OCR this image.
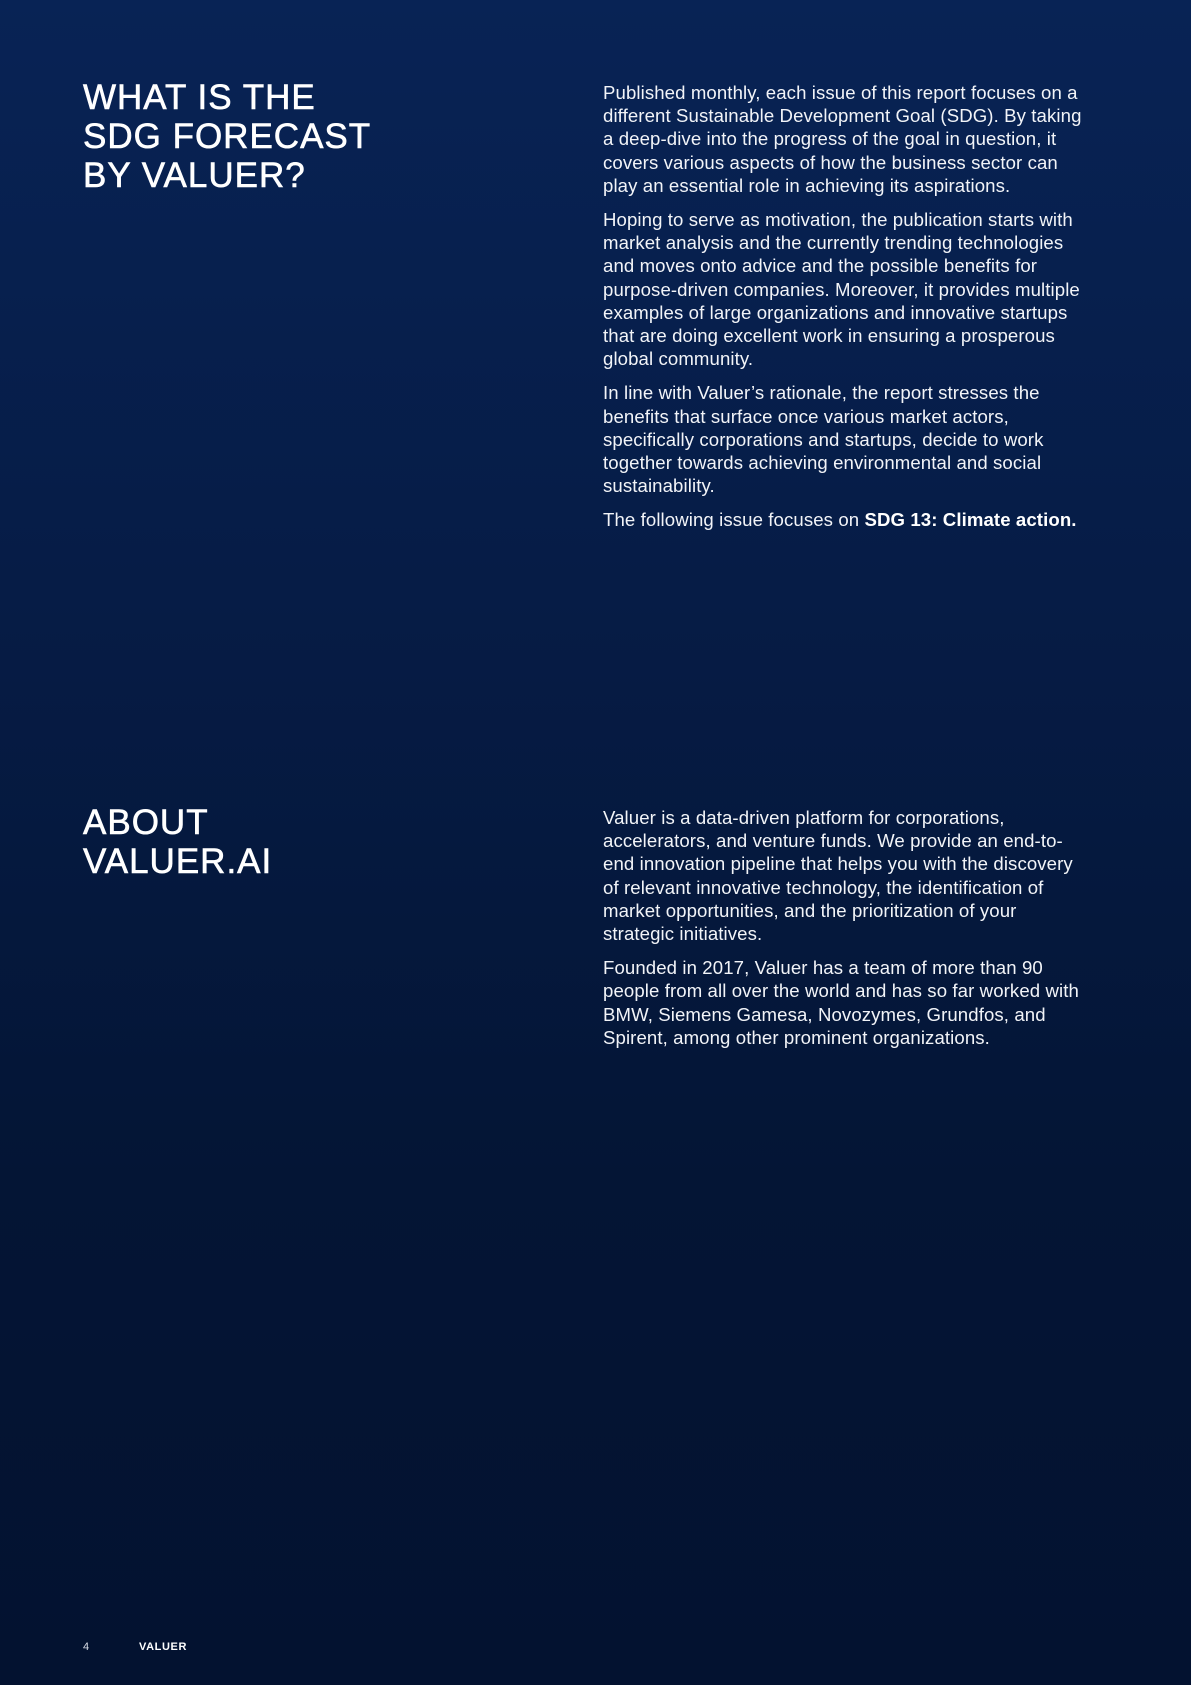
WHAT IS THE
SDG FORECAST
BY VALUER?

Published monthly, each issue of this report focuses on a different Sustainable Development Goal (SDG). By taking a deep-dive into the progress of the goal in question, it covers various aspects of how the business sector can play an essential role in achieving its aspirations.

Hoping to serve as motivation, the publication starts with market analysis and the currently trending technologies and moves onto advice and the possible benefits for purpose-driven companies. Moreover, it provides multiple examples of large organizations and innovative startups that are doing excellent work in ensuring a prosperous global community.

In line with Valuer’s rationale, the report stresses the benefits that surface once various market actors, specifically corporations and startups, decide to work together towards achieving environmental and social sustainability.

The following issue focuses on SDG 13: Climate action.

ABOUT
VALUER.AI

Valuer is a data-driven platform for corporations, accelerators, and venture funds. We provide an end-to-end innovation pipeline that helps you with the discovery of relevant innovative technology, the identification of market opportunities, and the prioritization of your strategic initiatives.

Founded in 2017, Valuer has a team of more than 90 people from all over the world and has so far worked with BMW, Siemens Gamesa, Novozymes, Grundfos, and Spirent, among other prominent organizations.

4	VALUER
